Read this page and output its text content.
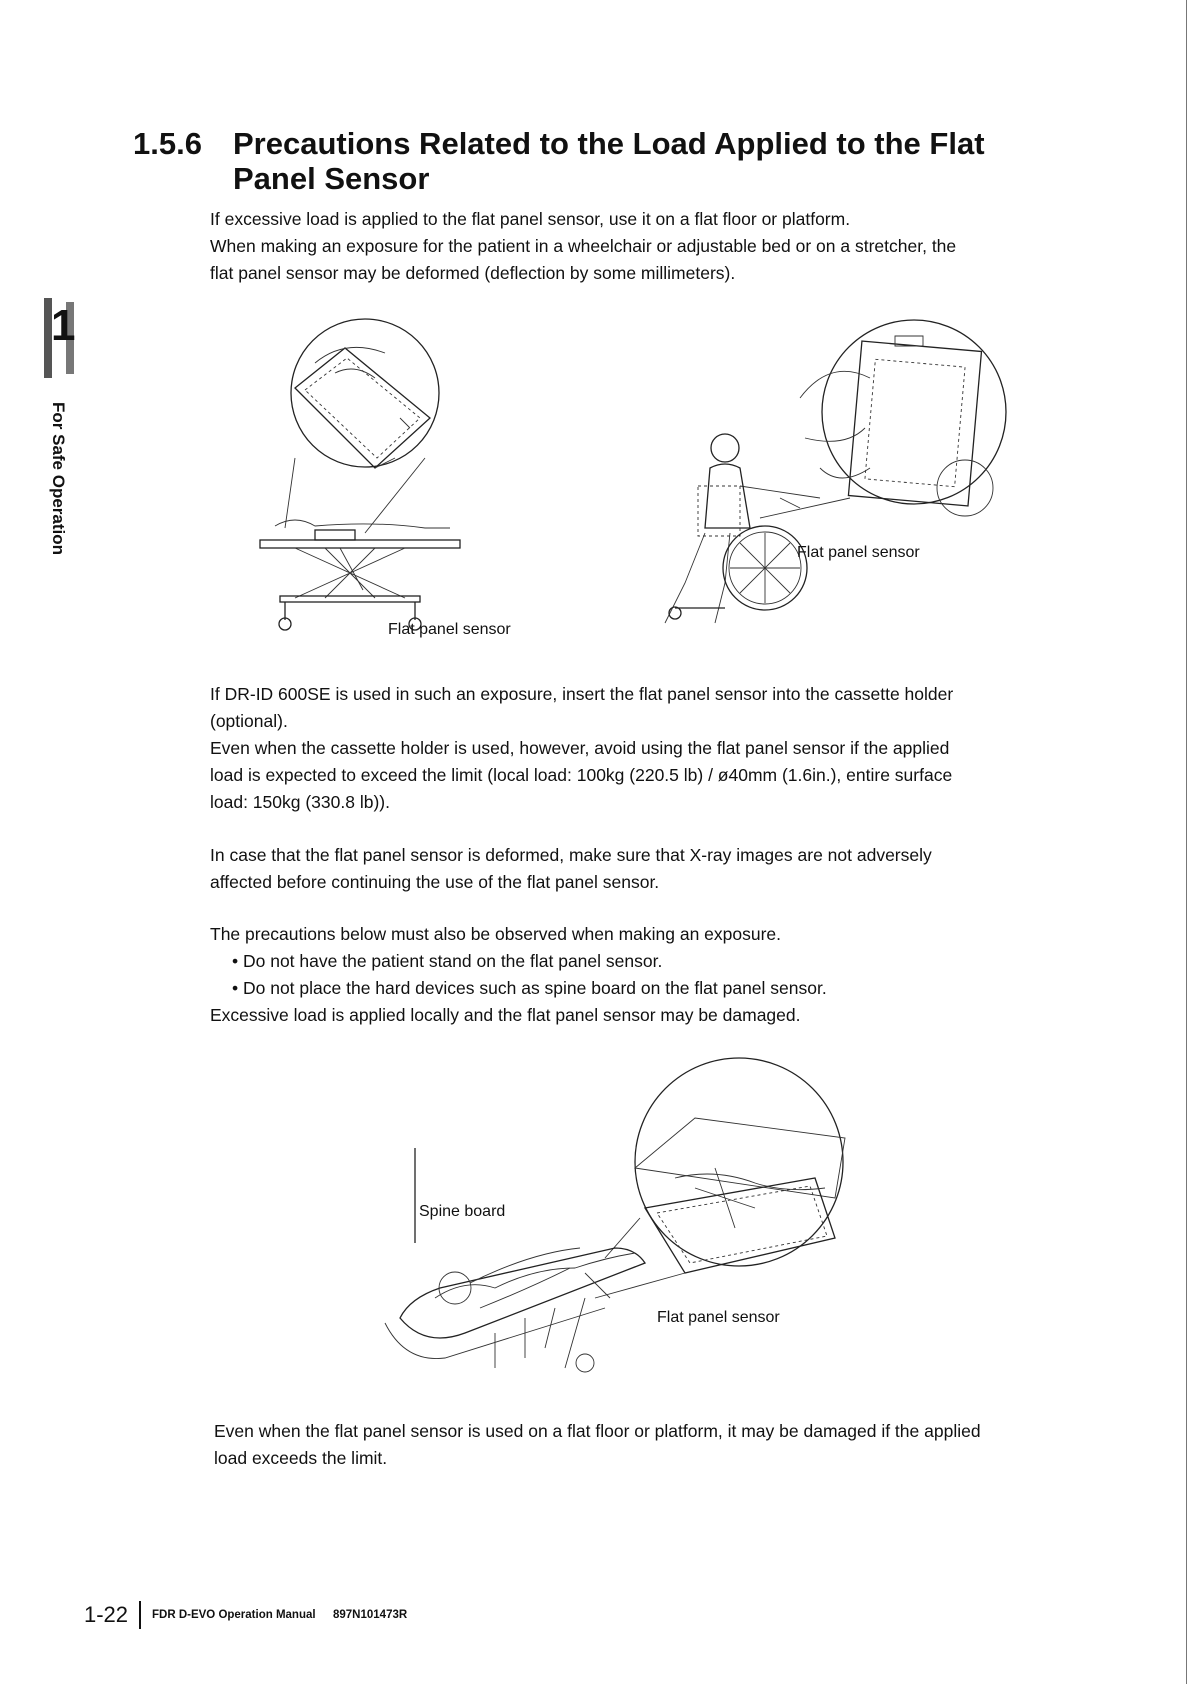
1
For Safe Operation
1.5.6 Precautions Related to the Load Applied to the Flat
Panel Sensor

If excessive load is applied to the flat panel sensor, use it on a flat floor or platform.

When making an exposure for the patient in a wheelchair or adjustable bed or on a stretcher, the

flat panel sensor may be deformed (deflection by some millimeters).

Flat panel sensor
Flat panel sensor

If DR-ID 600SE is used in such an exposure, insert the flat panel sensor into the cassette holder

(optional).

Even when the cassette holder is used, however, avoid using the flat panel sensor if the applied

load is expected to exceed the limit (local load: 100kg (220.5 lb) / ø40mm (1.6in.), entire surface

load: 150kg (330.8 lb)).

In case that the flat panel sensor is deformed, make sure that X-ray images are not adversely

affected before continuing the use of the flat panel sensor.

The precautions below must also be observed when making an exposure.

• Do not have the patient stand on the flat panel sensor.

• Do not place the hard devices such as spine board on the flat panel sensor.

Excessive load is applied locally and the flat panel sensor may be damaged.

Spine board
Flat panel sensor

Even when the flat panel sensor is used on a flat floor or platform, it may be damaged if the applied

load exceeds the limit.

1-22 FDR D-EVO Operation Manual 897N101473R
